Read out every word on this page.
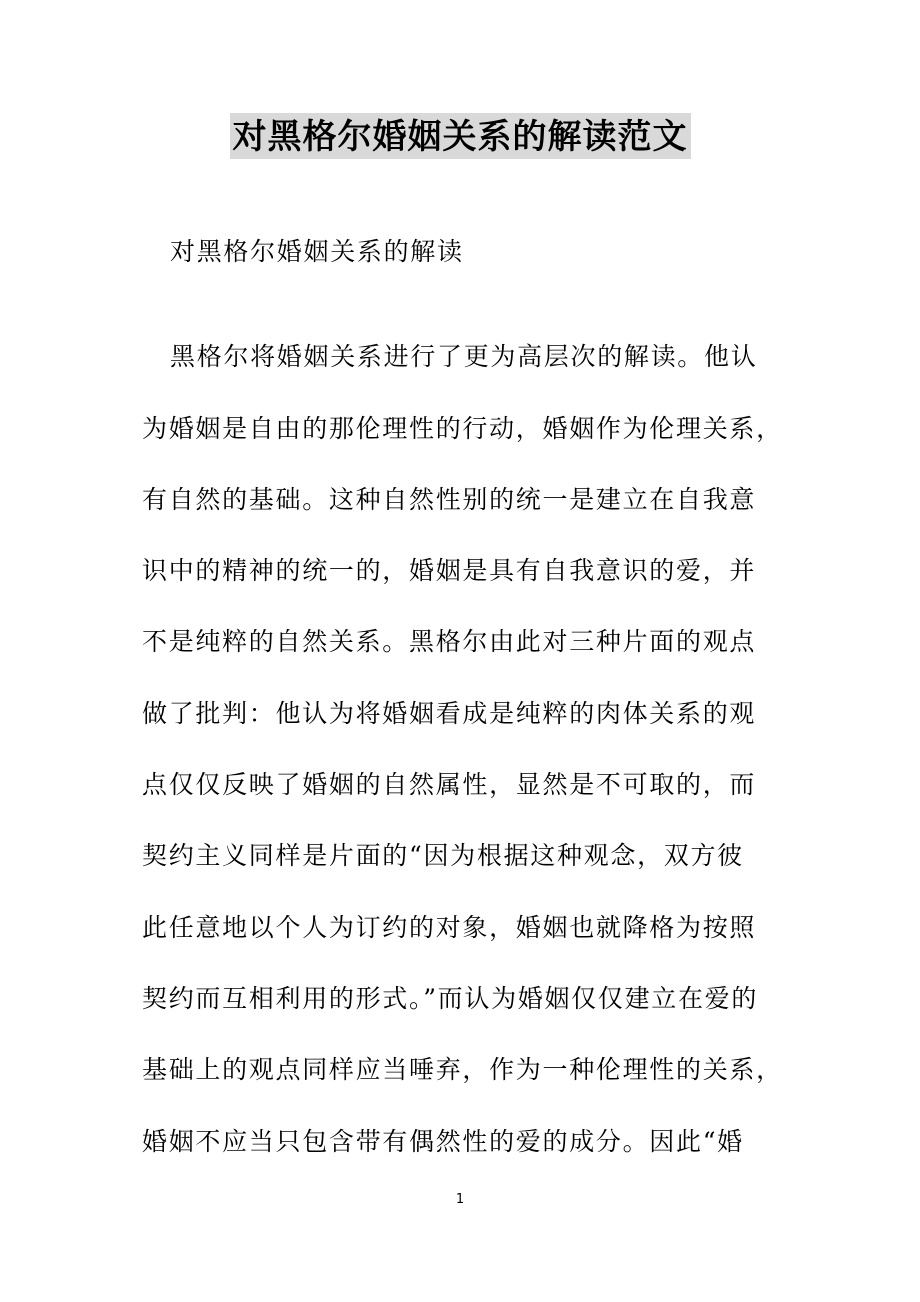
对黑格尔婚姻关系的解读范文
对黑格尔婚姻关系的解读
黑格尔将婚姻关系进行了更为高层次的解读。他认
为婚姻是自由的那伦理性的行动，婚姻作为伦理关系，
有自然的基础。这种自然性别的统一是建立在自我意
识中的精神的统一的，婚姻是具有自我意识的爱，并
不是纯粹的自然关系。黑格尔由此对三种片面的观点
做了批判：他认为将婚姻看成是纯粹的肉体关系的观
点仅仅反映了婚姻的自然属性，显然是不可取的，而
契约主义同样是片面的“因为根据这种观念，双方彼
此任意地以个人为订约的对象，婚姻也就降格为按照
契约而互相利用的形式。”而认为婚姻仅仅建立在爱的
基础上的观点同样应当唾弃，作为一种伦理性的关系，
婚姻不应当只包含带有偶然性的爱的成分。因此“婚
1
